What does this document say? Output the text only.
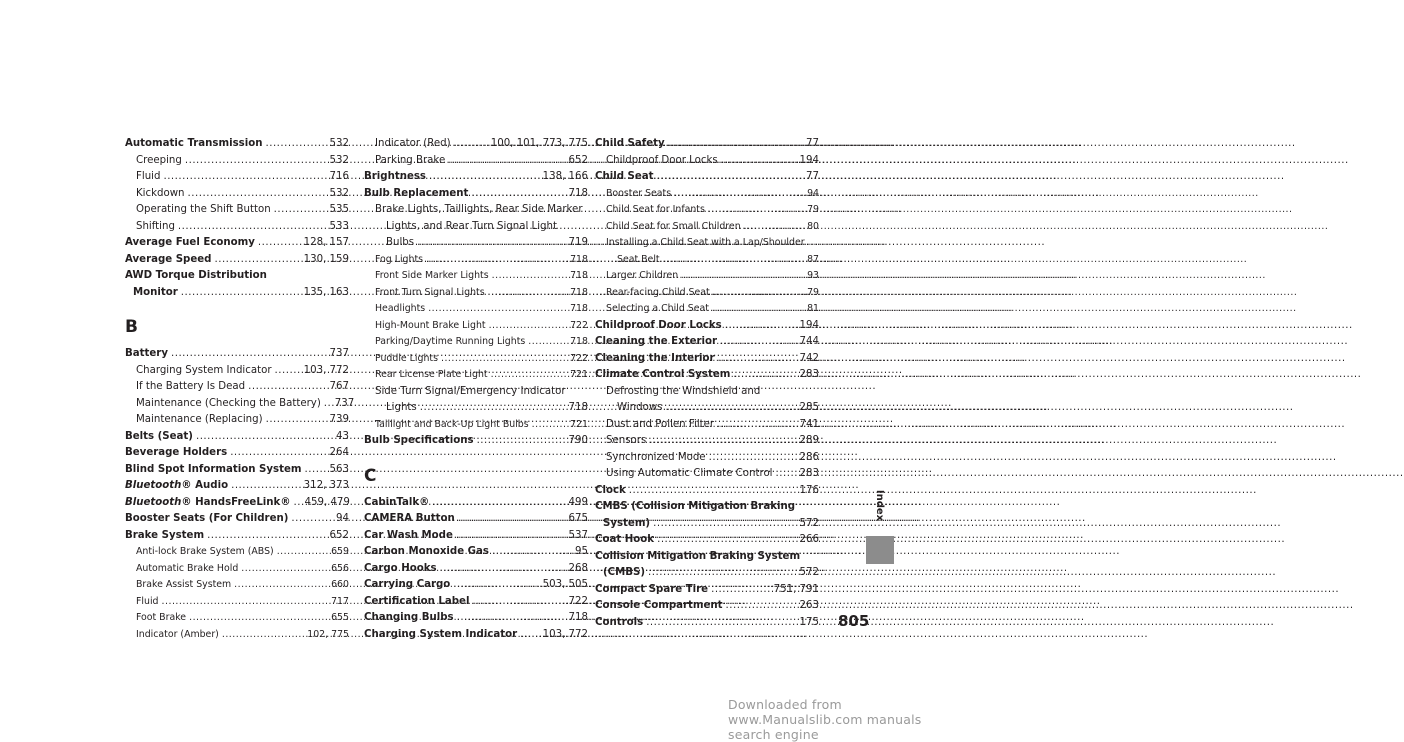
Automatic Transmission .....	532
Creeping .....	532
Fluid .....	716
Kickdown .....	532
Operating the Shift Button .....	535
Shifting .....	533
Average Fuel Economy .....	128, 157
Average Speed .....	130, 159
AWD Torque Distribution
Monitor .....	135, 163
B
Battery .....	737
Charging System Indicator .....	103, 772
If the Battery Is Dead .....	767
Maintenance (Checking the Battery) ..... 737
Maintenance (Replacing) .....	739
Belts (Seat) .....	43
Beverage Holders .....	264
Blind Spot Information System .....	563
Bluetooth® Audio .....	312, 373
Bluetooth® HandsFreeLink® ..... 459, 479
Booster Seats (For Children) .....	94
Brake System .....	652
Anti-lock Brake System (ABS) .....	659
Automatic Brake Hold .....	656
Brake Assist System .....	660
Fluid .....	717
Foot Brake .....	655
Indicator (Amber) .....	102, 775
Indicator (Red) .....	100, 101, 773, 775
Parking Brake .....	652
Brightness .....	138, 166
Bulb Replacement .....	718
Brake Lights, Taillights, Rear Side Marker
Lights, and Rear Turn Signal Light
Bulbs .....	719
Fog Lights .....	718
Front Side Marker Lights .....	718
Front Turn Signal Lights .....	718
Headlights .....	718
High-Mount Brake Light .....	722
Parking/Daytime Running Lights .....	718
Puddle Lights .....	722
Rear License Plate Light .....	721
Side Turn Signal/Emergency Indicator
Lights .....	718
Taillight and Back-Up Light Bulbs .....	721
Bulb Specifications .....	790
C
CabinTalk® .....	499
CAMERA Button .....	675
Car Wash Mode .....	537
Carbon Monoxide Gas .....	95
Cargo Hooks .....	268
Carrying Cargo .....	503, 505
Certification Label .....	722
Changing Bulbs .....	718
Charging System Indicator .....	103, 772
Child Safety .....	77
Childproof Door Locks .....	194
Child Seat .....	77
Booster Seats .....	94
Child Seat for Infants .....	79
Child Seat for Small Children .....	80
Installing a Child Seat with a Lap/Shoulder
Seat Belt .....	87
Larger Children .....	93
Rear-facing Child Seat .....	79
Selecting a Child Seat .....	81
Childproof Door Locks .....	194
Cleaning the Exterior .....	744
Cleaning the Interior .....	742
Climate Control System .....	283
Defrosting the Windshield and
Windows .....	285
Dust and Pollen Filter .....	741
Sensors .....	289
Synchronized Mode .....	286
Using Automatic Climate Control .....	283
Clock .....	176
CMBS (Collision Mitigation Braking
System) .....	572
Coat Hook .....	266
Collision Mitigation Braking System
(CMBS) .....	572
Compact Spare Tire .....	751, 791
Console Compartment .....	263
Controls .....	175
Index
805
Downloaded from www.Manualslib.com manuals search engine
